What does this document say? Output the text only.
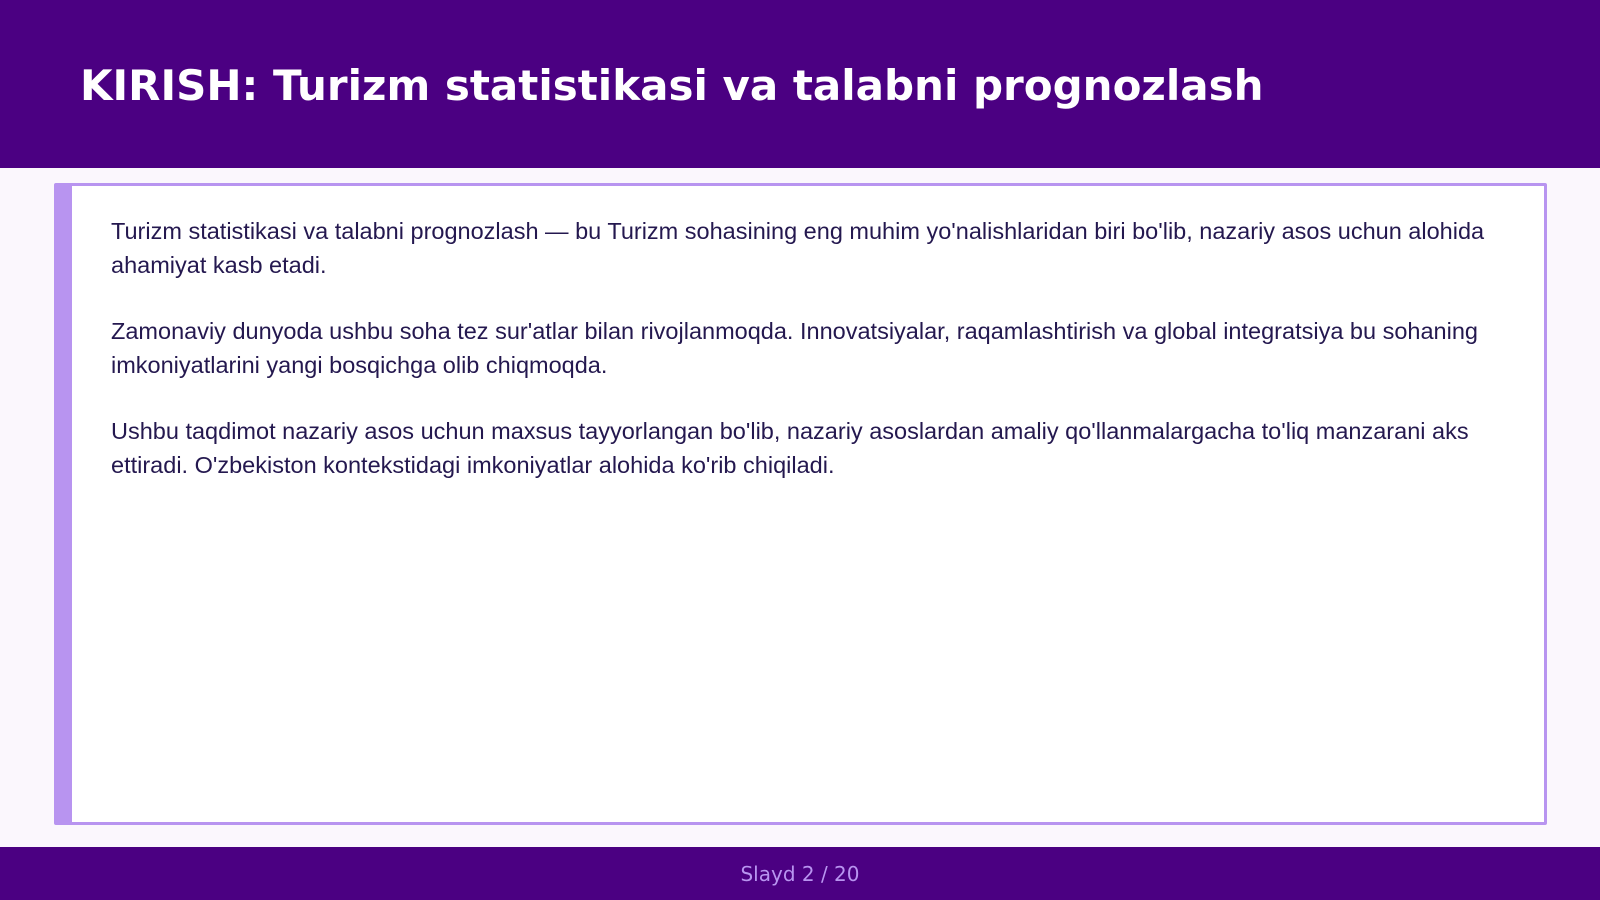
KIRISH: Turizm statistikasi va talabni prognozlash

Turizm statistikasi va talabni prognozlash — bu Turizm sohasining eng muhim yo'nalishlaridan biri bo'lib, nazariy asos uchun alohida ahamiyat kasb etadi.

Zamonaviy dunyoda ushbu soha tez sur'atlar bilan rivojlanmoqda. Innovatsiyalar, raqamlashtirish va global integratsiya bu sohaning imkoniyatlarini yangi bosqichga olib chiqmoqda.

Ushbu taqdimot nazariy asos uchun maxsus tayyorlangan bo'lib, nazariy asoslardan amaliy qo'llanmalargacha to'liq manzarani aks ettiradi. O'zbekiston kontekstidagi imkoniyatlar alohida ko'rib chiqiladi.

Slayd 2 / 20
